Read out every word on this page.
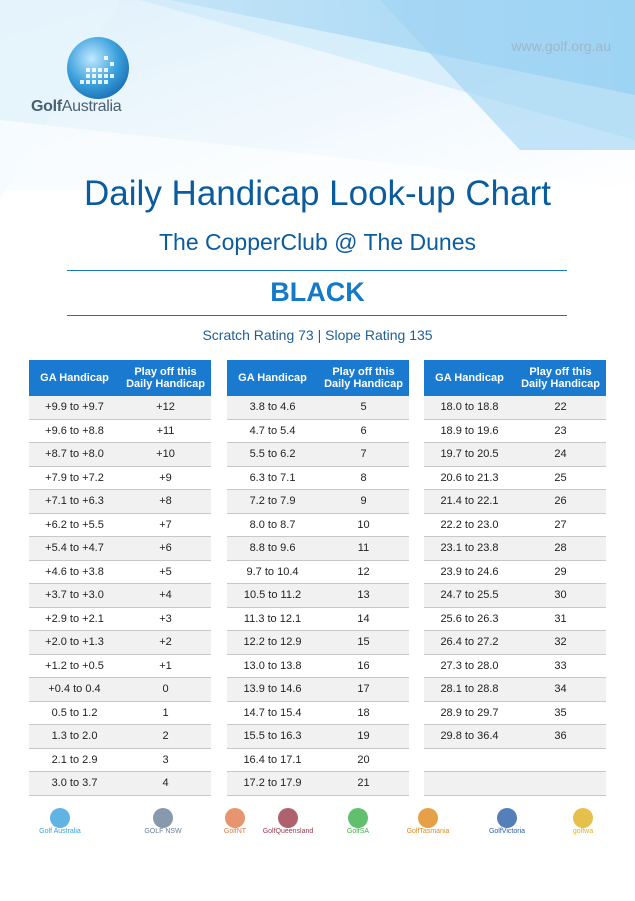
GolfAustralia
www.golf.org.au
Daily Handicap Look-up Chart
The CopperClub @ The Dunes
BLACK
Scratch Rating 73 | Slope Rating 135
GA Handicap	Play off this
Daily Handicap

+9.9 to +9.7	+12
+9.6 to +8.8	+11
+8.7 to +8.0	+10
+7.9 to +7.2	+9
+7.1 to +6.3	+8
+6.2 to +5.5	+7
+5.4 to +4.7	+6
+4.6 to +3.8	+5
+3.7 to +3.0	+4
+2.9 to +2.1	+3
+2.0 to +1.3	+2
+1.2 to +0.5	+1
+0.4 to 0.4	0
0.5 to 1.2	1
1.3 to 2.0	2
2.1 to 2.9	3
3.0 to 3.7	4
GA Handicap	Play off this
Daily Handicap

3.8 to 4.6	5
4.7 to 5.4	6
5.5 to 6.2	7
6.3 to 7.1	8
7.2 to 7.9	9
8.0 to 8.7	10
8.8 to 9.6	11
9.7 to 10.4	12
10.5 to 11.2	13
11.3 to 12.1	14
12.2 to 12.9	15
13.0 to 13.8	16
13.9 to 14.6	17
14.7 to 15.4	18
15.5 to 16.3	19
16.4 to 17.1	20
17.2 to 17.9	21
GA Handicap	Play off this
Daily Handicap

18.0 to 18.8	22
18.9 to 19.6	23
19.7 to 20.5	24
20.6 to 21.3	25
21.4 to 22.1	26
22.2 to 23.0	27
23.1 to 23.8	28
23.9 to 24.6	29
24.7 to 25.5	30
25.6 to 26.3	31
26.4 to 27.2	32
27.3 to 28.0	33
28.1 to 28.8	34
28.9 to 29.7	35
29.8 to 36.4	36

Golf Australia	GOLF NSW	GolfNT	GolfQueensland	GolfSA	GolfTasmania	GolfVictoria	golfwa
